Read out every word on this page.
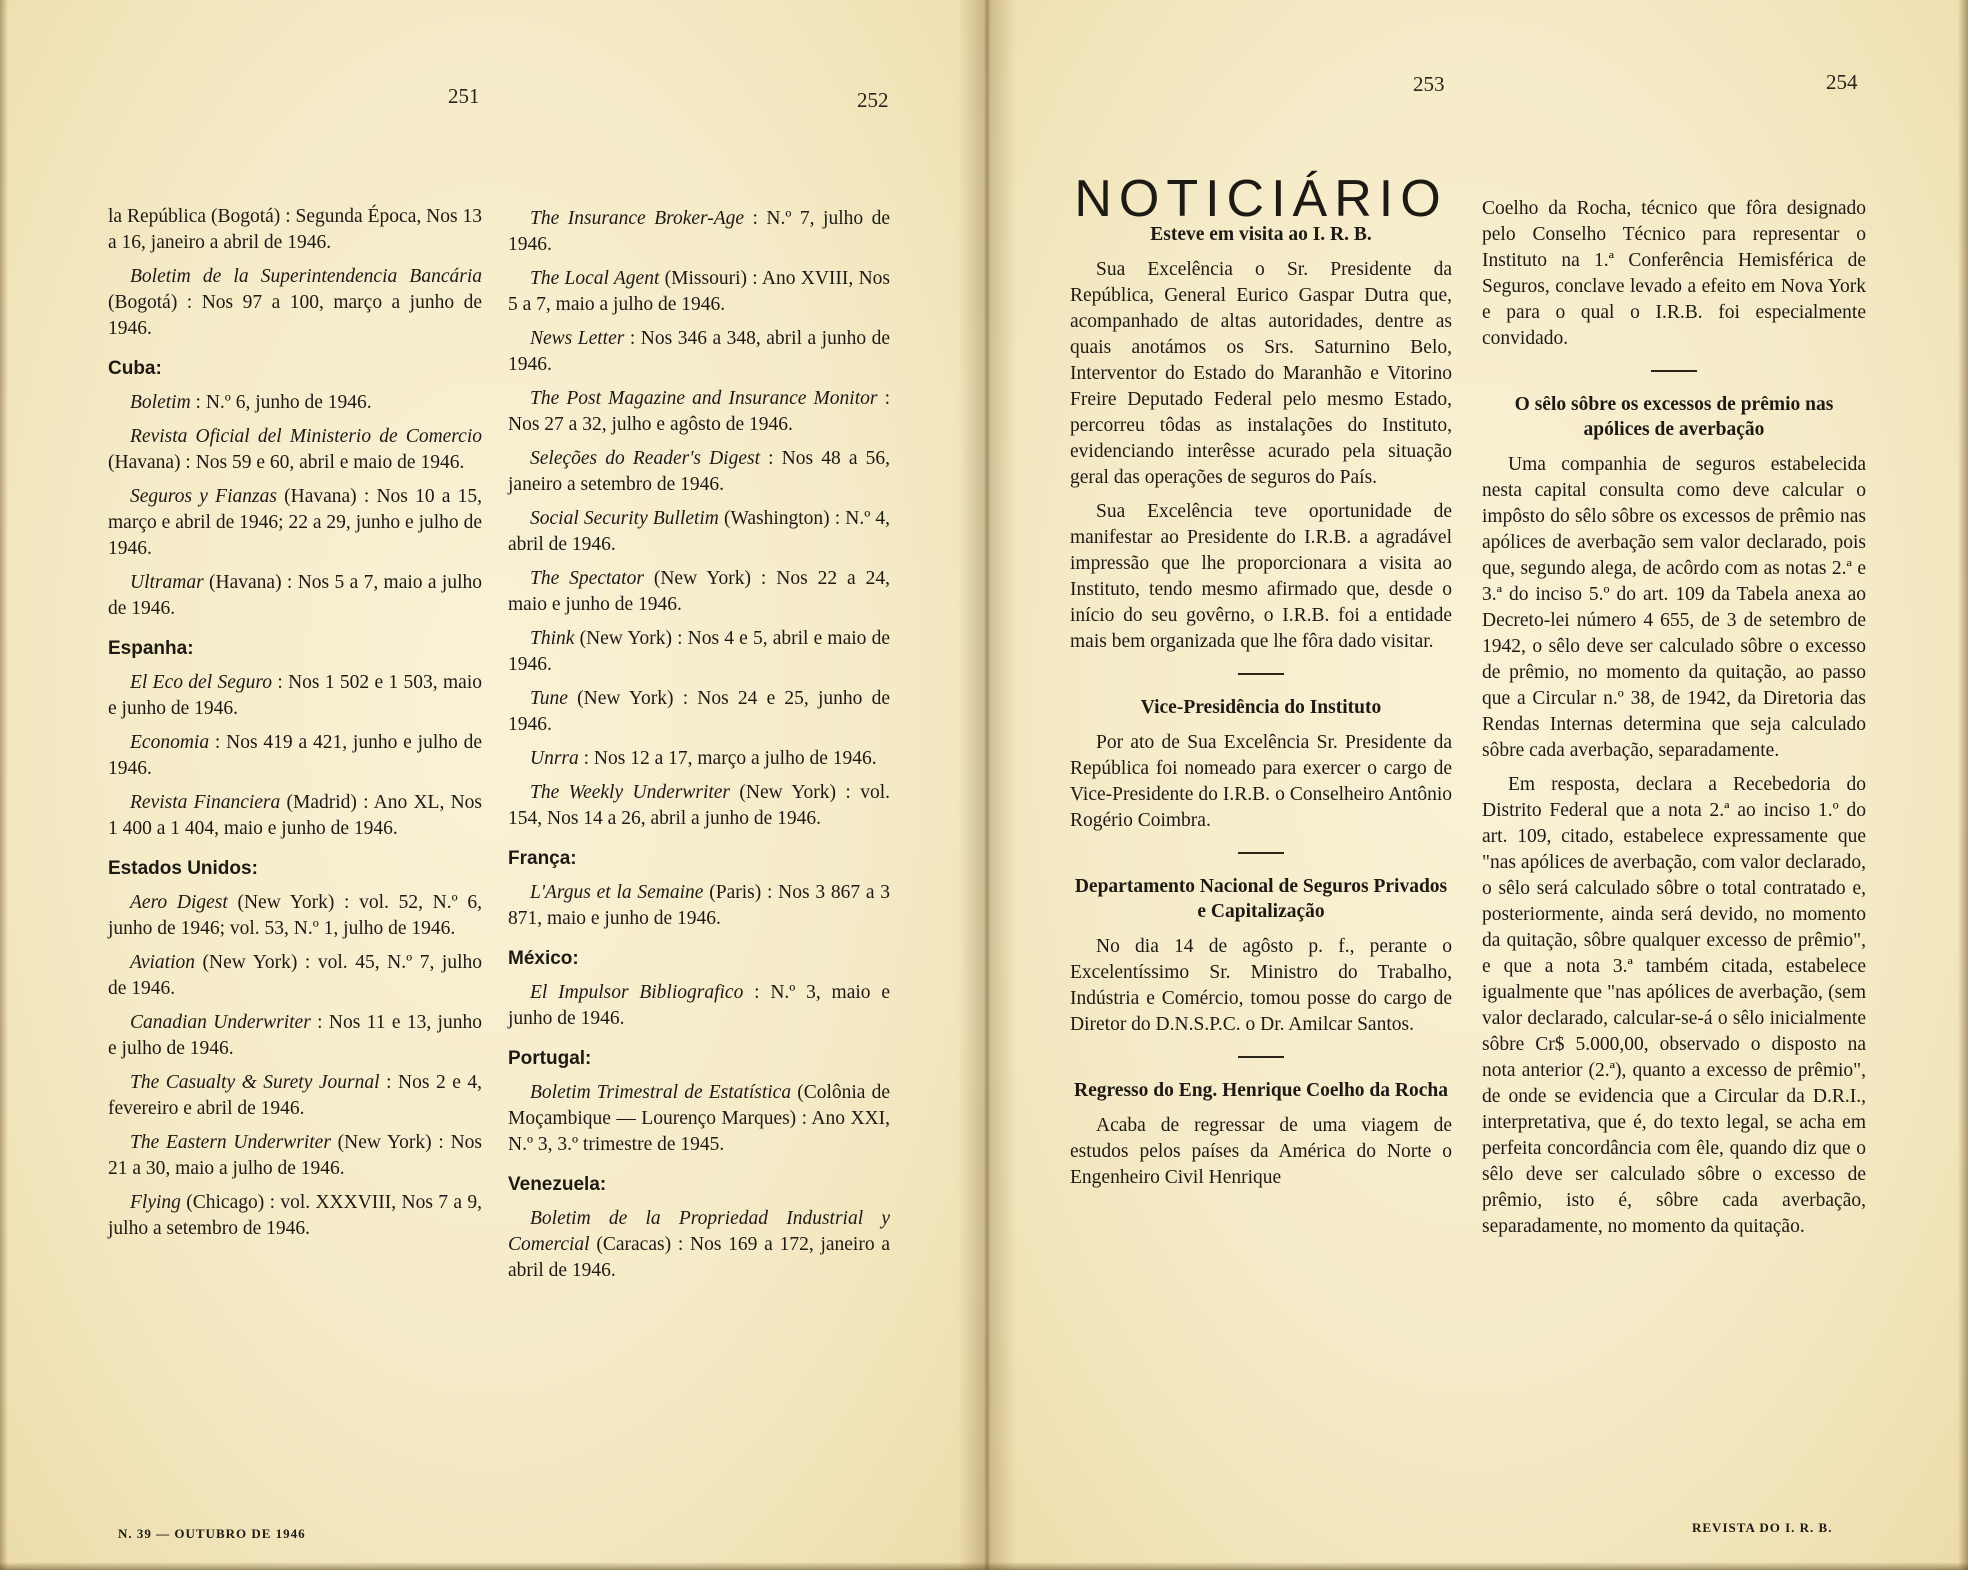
251	252
253	254

la República (Bogotá) : Segunda Época, Nos 13 a 16, janeiro a abril de 1946.

Boletim de la Superintendencia Bancária (Bogotá) : Nos 97 a 100, março a junho de 1946.

Cuba:

Boletim : N.º 6, junho de 1946.

Revista Oficial del Ministerio de Comercio (Havana) : Nos 59 e 60, abril e maio de 1946.

Seguros y Fianzas (Havana) : Nos 10 a 15, março e abril de 1946; 22 a 29, junho e julho de 1946.

Ultramar (Havana) : Nos 5 a 7, maio a julho de 1946.

Espanha:

El Eco del Seguro : Nos 1 502 e 1 503, maio e junho de 1946.

Economia : Nos 419 a 421, junho e julho de 1946.

Revista Financiera (Madrid) : Ano XL, Nos 1 400 a 1 404, maio e junho de 1946.

Estados Unidos:

Aero Digest (New York) : vol. 52, N.º 6, junho de 1946; vol. 53, N.º 1, julho de 1946.

Aviation (New York) : vol. 45, N.º 7, julho de 1946.

Canadian Underwriter : Nos 11 e 13, junho e julho de 1946.

The Casualty & Surety Journal : Nos 2 e 4, fevereiro e abril de 1946.

The Eastern Underwriter (New York) : Nos 21 a 30, maio a julho de 1946.

Flying (Chicago) : vol. XXXVIII, Nos 7 a 9, julho a setembro de 1946.

The Insurance Broker-Age : N.º 7, julho de 1946.

The Local Agent (Missouri) : Ano XVIII, Nos 5 a 7, maio a julho de 1946.

News Letter : Nos 346 a 348, abril a junho de 1946.

The Post Magazine and Insurance Monitor : Nos 27 a 32, julho e agôsto de 1946.

Seleções do Reader's Digest : Nos 48 a 56, janeiro a setembro de 1946.

Social Security Bulletim (Washington) : N.º 4, abril de 1946.

The Spectator (New York) : Nos 22 a 24, maio e junho de 1946.

Think (New York) : Nos 4 e 5, abril e maio de 1946.

Tune (New York) : Nos 24 e 25, junho de 1946.

Unrra : Nos 12 a 17, março a julho de 1946.

The Weekly Underwriter (New York) : vol. 154, Nos 14 a 26, abril a junho de 1946.

França:

L'Argus et la Semaine (Paris) : Nos 3 867 a 3 871, maio e junho de 1946.

México:

El Impulsor Bibliografico : N.º 3, maio e junho de 1946.

Portugal:

Boletim Trimestral de Estatística (Colônia de Moçambique — Lourenço Marques) : Ano XXI, N.º 3, 3.º trimestre de 1945.

Venezuela:

Boletim de la Propriedad Industrial y Comercial (Caracas) : Nos 169 a 172, janeiro a abril de 1946.

NOTICIÁRIO
Esteve em visita ao I. R. B.

Sua Excelência o Sr. Presidente da República, General Eurico Gaspar Dutra que, acompanhado de altas autoridades, dentre as quais anotámos os Srs. Saturnino Belo, Interventor do Estado do Maranhão e Vitorino Freire Deputado Federal pelo mesmo Estado, percorreu tôdas as instalações do Instituto, evidenciando interêsse acurado pela situação geral das operações de seguros do País.

Sua Excelência teve oportunidade de manifestar ao Presidente do I.R.B. a agradável impressão que lhe proporcionara a visita ao Instituto, tendo mesmo afirmado que, desde o início do seu govêrno, o I.R.B. foi a entidade mais bem organizada que lhe fôra dado visitar.

Vice-Presidência do Instituto

Por ato de Sua Excelência Sr. Presidente da República foi nomeado para exercer o cargo de Vice-Presidente do I.R.B. o Conselheiro Antônio Rogério Coimbra.

Departamento Nacional de Seguros Privados e Capitalização

No dia 14 de agôsto p. f., perante o Excelentíssimo Sr. Ministro do Trabalho, Indústria e Comércio, tomou posse do cargo de Diretor do D.N.S.P.C. o Dr. Amilcar Santos.

Regresso do Eng. Henrique Coelho da Rocha

Acaba de regressar de uma viagem de estudos pelos países da América do Norte o Engenheiro Civil Henrique

Coelho da Rocha, técnico que fôra designado pelo Conselho Técnico para representar o Instituto na 1.ª Conferência Hemisférica de Seguros, conclave levado a efeito em Nova York e para o qual o I.R.B. foi especialmente convidado.

O sêlo sôbre os excessos de prêmio nas apólices de averbação

Uma companhia de seguros estabelecida nesta capital consulta como deve calcular o impôsto do sêlo sôbre os excessos de prêmio nas apólices de averbação sem valor declarado, pois que, segundo alega, de acôrdo com as notas 2.ª e 3.ª do inciso 5.º do art. 109 da Tabela anexa ao Decreto-lei número 4 655, de 3 de setembro de 1942, o sêlo deve ser calculado sôbre o excesso de prêmio, no momento da quitação, ao passo que a Circular n.º 38, de 1942, da Diretoria das Rendas Internas determina que seja calculado sôbre cada averbação, separadamente.

Em resposta, declara a Recebedoria do Distrito Federal que a nota 2.ª ao inciso 1.º do art. 109, citado, estabelece expressamente que "nas apólices de averbação, com valor declarado, o sêlo será calculado sôbre o total contratado e, posteriormente, ainda será devido, no momento da quitação, sôbre qualquer excesso de prêmio", e que a nota 3.ª também citada, estabelece igualmente que "nas apólices de averbação, (sem valor declarado, calcular-se-á o sêlo inicialmente sôbre Cr$ 5.000,00, observado o disposto na nota anterior (2.ª), quanto a excesso de prêmio", de onde se evidencia que a Circular da D.R.I., interpretativa, que é, do texto legal, se acha em perfeita concordância com êle, quando diz que o sêlo deve ser calculado sôbre o excesso de prêmio, isto é, sôbre cada averbação, separadamente, no momento da quitação.

N. 39 — OUTUBRO DE 1946	REVISTA DO I. R. B.
